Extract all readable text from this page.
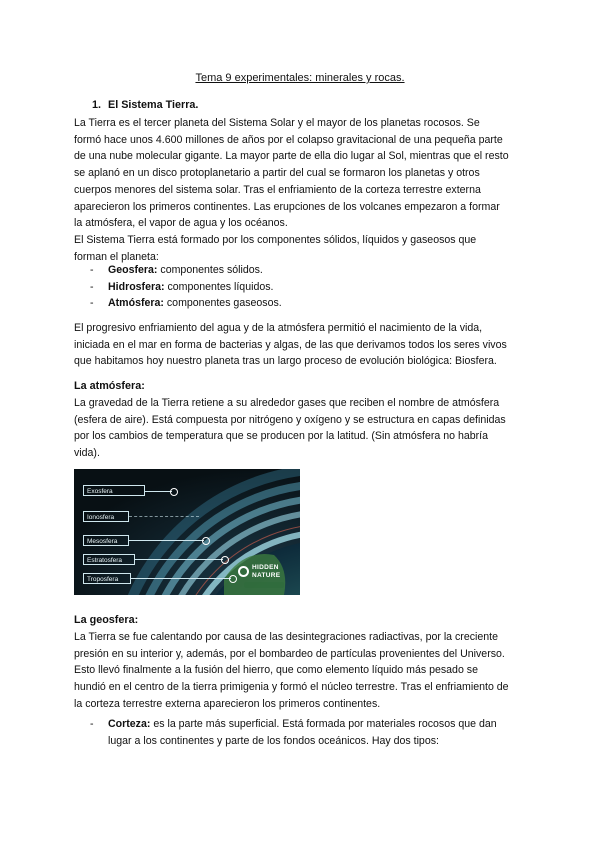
Tema 9 experimentales: minerales y rocas.
1. El Sistema Tierra.
La Tierra es el tercer planeta del Sistema Solar y el mayor de los planetas rocosos. Se
formó hace unos 4.600 millones de años por el colapso gravitacional de una pequeña parte
de una nube molecular gigante. La mayor parte de ella dio lugar al Sol, mientras que el resto
se aplanó en un disco protoplanetario a partir del cual se formaron los planetas y otros
cuerpos menores del sistema solar. Tras el enfriamiento de la corteza terrestre externa
aparecieron los primeros continentes. Las erupciones de los volcanes empezaron a formar
la atmósfera, el vapor de agua y los océanos.
El Sistema Tierra está formado por los componentes sólidos, líquidos y gaseosos que
forman el planeta:
-	Geosfera: componentes sólidos.
-	Hidrosfera: componentes líquidos.
-	Atmósfera: componentes gaseosos.
El progresivo enfriamiento del agua y de la atmósfera permitió el nacimiento de la vida,
iniciada en el mar en forma de bacterias y algas, de las que derivamos todos los seres vivos
que habitamos hoy nuestro planeta tras un largo proceso de evolución biológica: Biosfera.
La atmósfera:
La gravedad de la Tierra retiene a su alrededor gases que reciben el nombre de atmósfera
(esfera de aire). Está compuesta por nitrógeno y oxígeno y se estructura en capas definidas
por los cambios de temperatura que se producen por la latitud. (Sin atmósfera no habría
vida).
Exosfera
Ionosfera
Mesosfera
Estratosfera
Troposfera
HIDDEN
NATURE
La geosfera:
La Tierra se fue calentando por causa de las desintegraciones radiactivas, por la creciente
presión en su interior y, además, por el bombardeo de partículas provenientes del Universo.
Esto llevó finalmente a la fusión del hierro, que como elemento líquido más pesado se
hundió en el centro de la tierra primigenia y formó el núcleo terrestre. Tras el enfriamiento de
la corteza terrestre externa aparecieron los primeros continentes.
-	Corteza: es la parte más superficial. Está formada por materiales rocosos que dan
lugar a los continentes y parte de los fondos oceánicos. Hay dos tipos:
